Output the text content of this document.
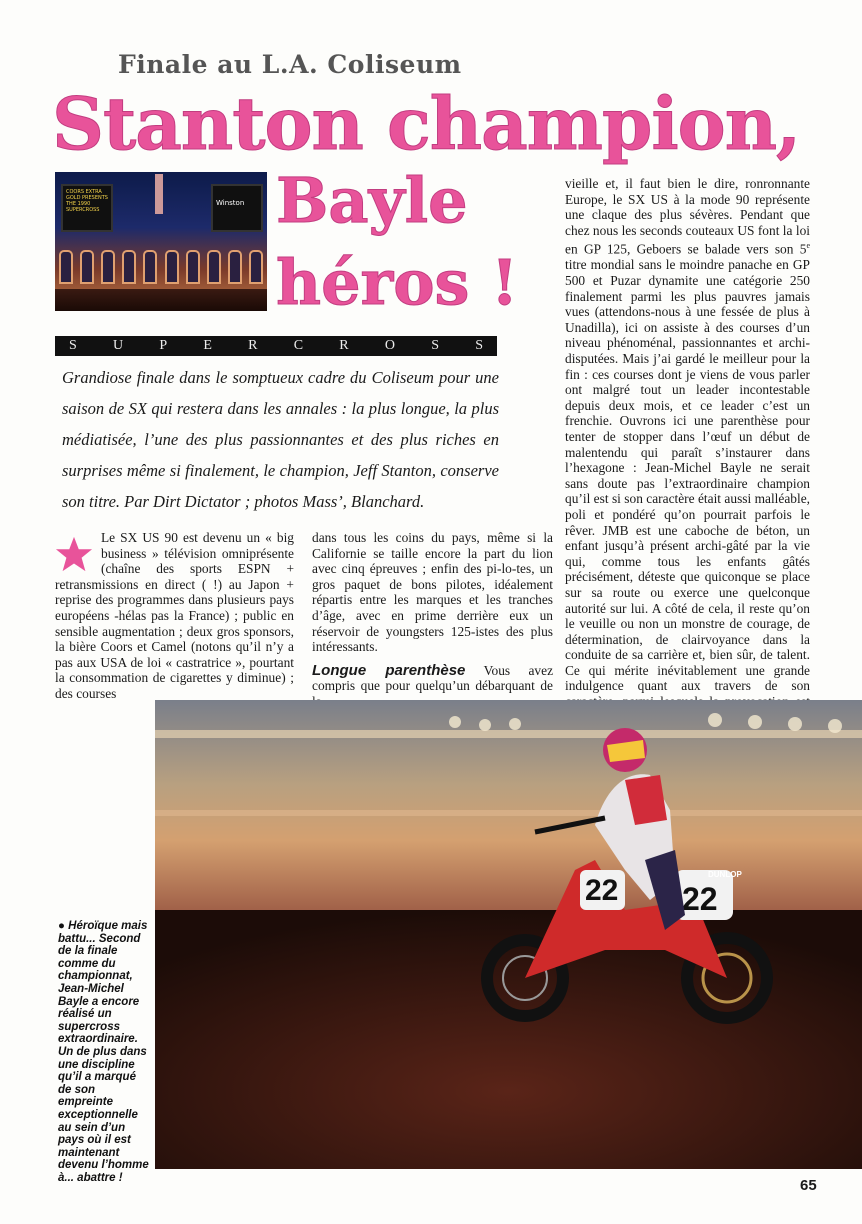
Finale au L.A. Coliseum
Stanton champion,
COORS EXTRA GOLD PRESENTS THE 1990 SUPERCROSS
Winston Bayle
héros !
S	U	P	E	R	C	R	O	S	S
Grandiose finale dans le somptueux cadre du Coliseum pour une saison de SX qui restera dans les annales : la plus longue, la plus médiatisée, l’une des plus passionnantes et des plus riches en surprises même si finalement, le champion, Jeff Stanton, conserve son titre. Par Dirt Dictator ; photos Mass’, Blanchard.
Le SX US 90 est devenu un « big business » télévision omniprésente (chaîne des sports ESPN + retransmissions en direct ( !) au Japon + reprise des programmes dans plusieurs pays européens -hélas pas la France) ; public en sensible augmentation ; deux gros sponsors, la bière Coors et Camel (notons qu’il n’y a pas aux USA de loi « castratrice », pourtant la consommation de cigarettes y diminue) ; des courses
dans tous les coins du pays, même si la Californie se taille encore la part du lion avec cinq épreuves ; enfin des pi-lo-tes, un gros paquet de bons pilotes, idéalement répartis entre les marques et les tranches d’âge, avec en prime derrière eux un réservoir de youngsters 125-istes des plus intéressants.
Longue parenthèse Vous avez compris que pour quelqu’un débarquant de
vieille et, il faut bien le dire, ronronnante Europe, le SX US à la mode 90 représente une claque des plus sévères. Pendant que chez nous les seconds couteaux US font la loi en GP 125, Geboers se balade vers son 5e titre mondial sans le moindre panache en GP 500 et Puzar dynamite une catégorie 250 finalement parmi les plus pauvres jamais vues (attendons-nous à une fessée de plus à Unadilla), ici on assiste à des courses d’un niveau phénoménal, passionnantes et archi-disputées. Mais j’ai gardé le meilleur pour la fin : ces courses dont je viens de vous parler ont malgré tout un leader incontestable depuis deux mois, et ce leader c’est un frenchie. Ouvrons ici une parenthèse pour tenter de stopper dans l’œuf un début de malentendu qui paraît s’instaurer dans l’hexagone : Jean-Michel Bayle ne serait sans doute pas l’extraordinaire champion qu’il est si son caractère était aussi malléable, poli et pondéré qu’on pourrait parfois le rêver. JMB est une caboche de béton, un enfant jusqu’à présent archi-gâté par la vie qui, comme tous les enfants gâtés précisément, déteste que quiconque se place sur sa route ou exerce une quelconque autorité sur lui. A côté de cela, il reste qu’on le veuille ou non un monstre de courage, de détermination, de clairvoyance dans la conduite de sa carrière et, bien sûr, de talent. Ce qui mérite inévitablement une grande indulgence quant aux travers de son
22 22
DUNLOP
● Héroïque mais battu... Second de la finale comme du championnat, Jean-Michel Bayle a encore réalisé un supercross extraordinaire. Un de plus dans une discipline qu’il a marqué de son empreinte exceptionnelle au sein d’un pays où il est maintenant devenu l’homme à... abattre !	65
